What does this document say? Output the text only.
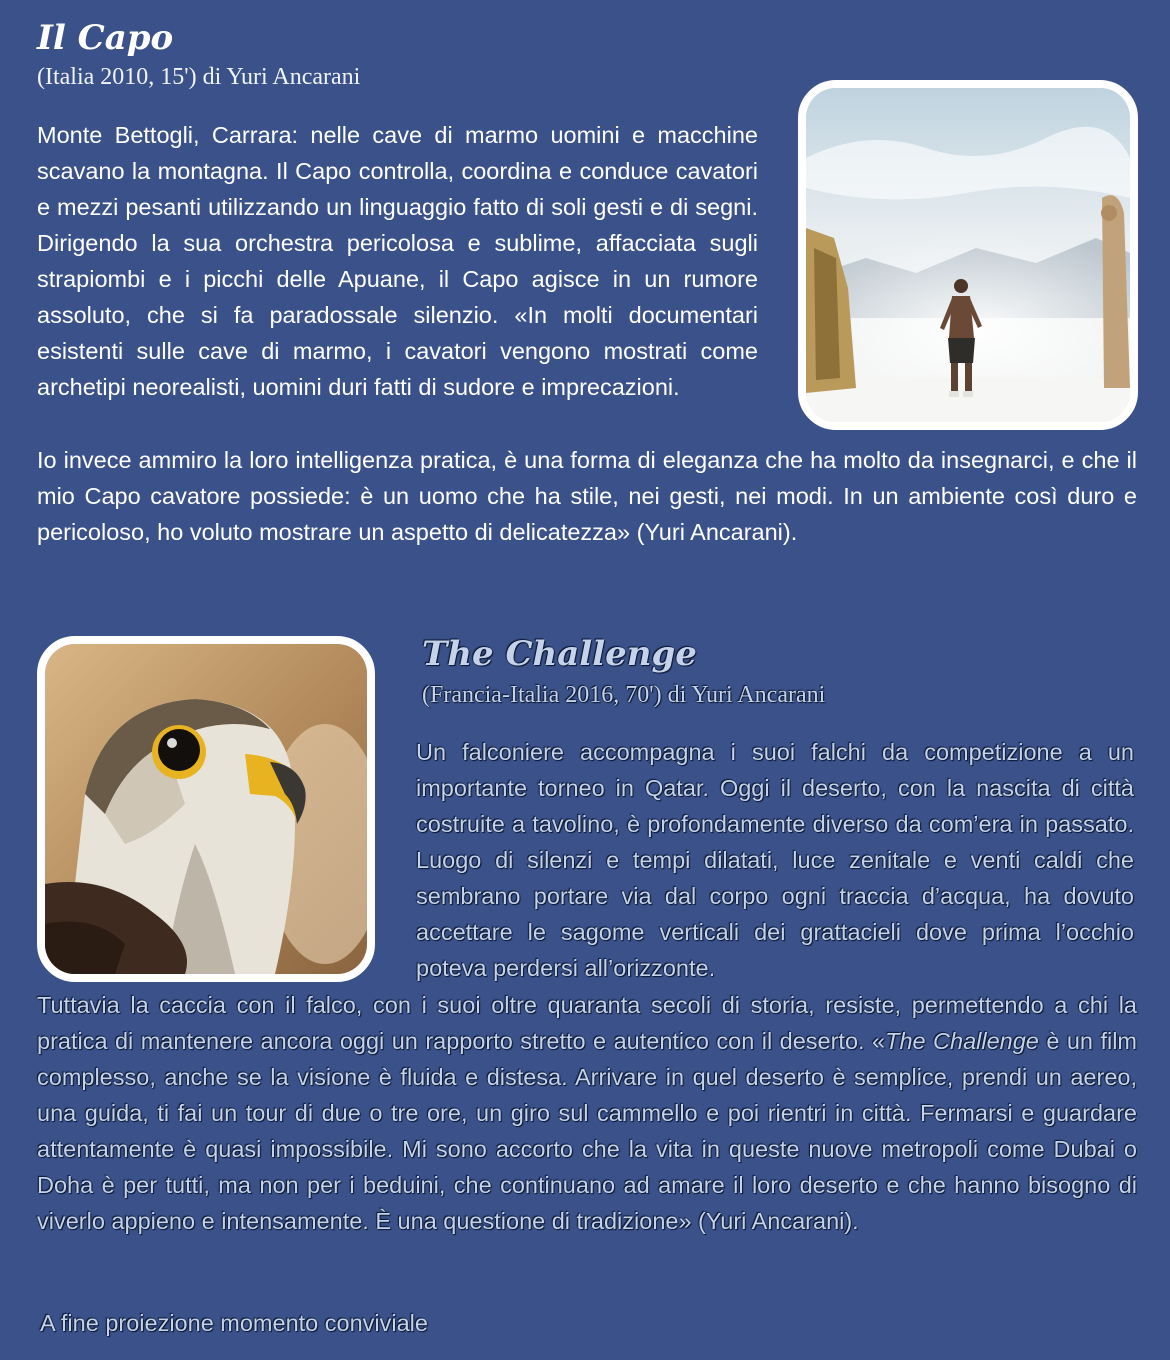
Il Capo

(Italia 2010, 15') di Yuri Ancarani

Monte Bettogli, Carrara: nelle cave di marmo uomini e macchine scavano la montagna. Il Capo controlla, coordina e conduce cavatori e mezzi pesanti utilizzando un linguaggio fatto di soli gesti e di segni. Dirigendo la sua orchestra pericolosa e sublime, affacciata sugli strapiombi e i picchi delle Apuane, il Capo agisce in un rumore assoluto, che si fa paradossale silenzio. «In molti documentari esistenti sulle cave di marmo, i cavatori vengono mostrati come archetipi neorealisti, uomini duri fatti di sudore e imprecazioni.

Io invece ammiro la loro intelligenza pratica, è una forma di eleganza che ha molto da insegnarci, e che il mio Capo cavatore possiede: è un uomo che ha stile, nei gesti, nei modi. In un ambiente così duro e pericoloso, ho voluto mostrare un aspetto di delicatezza» (Yuri Ancarani).

The Challenge

(Francia-Italia 2016, 70') di Yuri Ancarani

Un falconiere accompagna i suoi falchi da competizione a un importante torneo in Qatar. Oggi il deserto, con la nascita di città costruite a tavolino, è profondamente diverso da com’era in passato. Luogo di silenzi e tempi dilatati, luce zenitale e venti caldi che sembrano portare via dal corpo ogni traccia d’acqua, ha dovuto accettare le sagome verticali dei grattacieli dove prima l’occhio poteva perdersi all’orizzonte.

Tuttavia la caccia con il falco, con i suoi oltre quaranta secoli di storia, resiste, permettendo a chi la pratica di mantenere ancora oggi un rapporto stretto e autentico con il deserto. «The Challenge è un film complesso, anche se la visione è fluida e distesa. Arrivare in quel deserto è semplice, prendi un aereo, una guida, ti fai un tour di due o tre ore, un giro sul cammello e poi rientri in città. Fermarsi e guardare attentamente è quasi impossibile. Mi sono accorto che la vita in queste nuove metropoli come Dubai o Doha è per tutti, ma non per i beduini, che continuano ad amare il loro deserto e che hanno bisogno di viverlo appieno e intensamente. È una questione di tradizione» (Yuri Ancarani).

A fine proiezione momento conviviale
